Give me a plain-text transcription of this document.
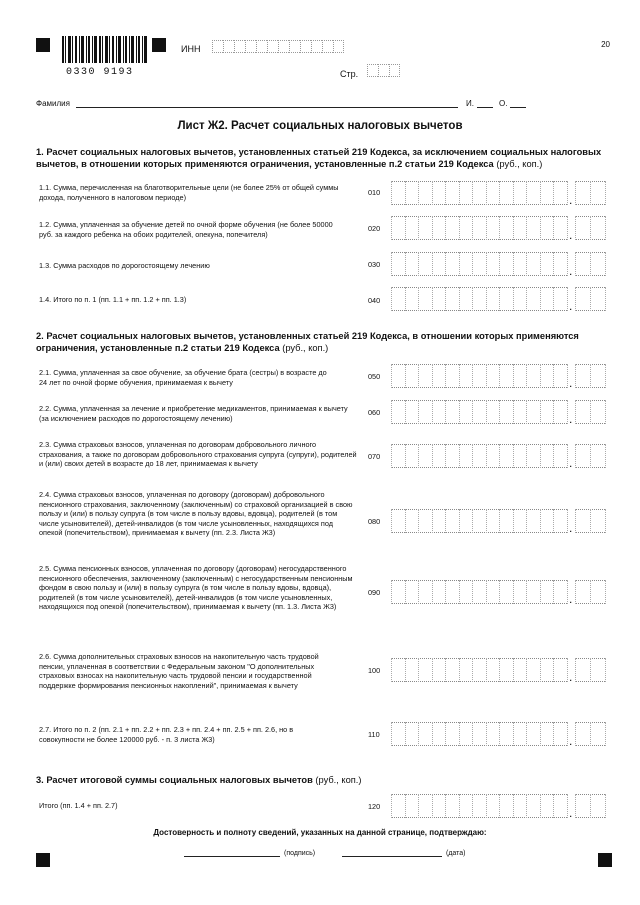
0330 9193
ИНН
Стр.
20
Фамилия	И.	О.
Лист Ж2. Расчет социальных налоговых вычетов
1. Расчет социальных налоговых вычетов, установленных статьей 219 Кодекса, за исключением социальных налоговых вычетов, в отношении которых применяются ограничения, установленные п.2 статьи 219 Кодекса (руб., коп.)
1.1. Сумма, перечисленная на благотворительные цели (не более 25% от общей суммы дохода, полученного в налоговом периоде)	010
.
1.2. Сумма, уплаченная за обучение детей по очной форме обучения (не более 50000 руб. за каждого ребенка на обоих родителей, опекуна, попечителя)
020	.
1.3. Сумма расходов по дорогостоящему лечению	030	.
1.4. Итого по п. 1 (пп. 1.1 + пп. 1.2 + пп. 1.3)	040	.
2. Расчет социальных налоговых вычетов, установленных статьей 219 Кодекса, в отношении которых применяются ограничения, установленные п.2 статьи 219 Кодекса (руб., коп.)
2.1. Сумма, уплаченная за свое обучение, за обучение брата (сестры) в возрасте до 24 лет по очной форме обучения, принимаемая к вычету
050	.
2.2. Сумма, уплаченная за лечение и приобретение медикаментов, принимаемая к вычету (за исключением расходов по дорогостоящему лечению)
060	.
2.3. Сумма страховых взносов, уплаченная по договорам добровольного личного страхования, а также по договорам добровольного страхования супруга (супруги), родителей и (или) своих детей в возрасте до 18 лет, принимаемая к вычету
070	.
2.4. Сумма страховых взносов, уплаченная по договору (договорам) добровольного пенсионного страхования, заключенному (заключенным) со страховой организацией в свою пользу и (или) в пользу супруга (в том числе в пользу вдовы, вдовца), родителей (в том числе усыновителей), детей-инвалидов (в том числе усыновленных, находящихся под опекой (попечительством), принимаемая к вычету (пп. 2.3. Листа Ж3)
080	.
2.5. Сумма пенсионных взносов, уплаченная по договору (договорам) негосударственного пенсионного обеспечения, заключенному (заключенным) с негосударственным пенсионным фондом в свою пользу и (или) в пользу супруга (в том числе в пользу вдовы, вдовца), родителей (в том числе усыновителей), детей-инвалидов (в том числе усыновленных, находящихся под опекой (попечительством), принимаемая к вычету (пп. 1.3. Листа Ж3)
090	.
2.6. Сумма дополнительных страховых взносов на накопительную часть трудовой пенсии, уплаченная в соответствии с Федеральным законом "О дополнительных страховых взносах на накопительную часть трудовой пенсии и государственной поддержке формирования пенсионных накоплений", принимаемая к вычету
100	.
2.7. Итого по п. 2 (пп. 2.1 + пп. 2.2 + пп. 2.3 + пп. 2.4 + пп. 2.5 + пп. 2.6, но в совокупности не более 120000 руб. - п. 3 листа Ж3)	110	.
3. Расчет итоговой суммы социальных налоговых вычетов (руб., коп.)
Итого (пп. 1.4 + пп. 2.7)	120	.
Достоверность и полноту сведений, указанных на данной странице, подтверждаю:
(подпись)	(дата)
